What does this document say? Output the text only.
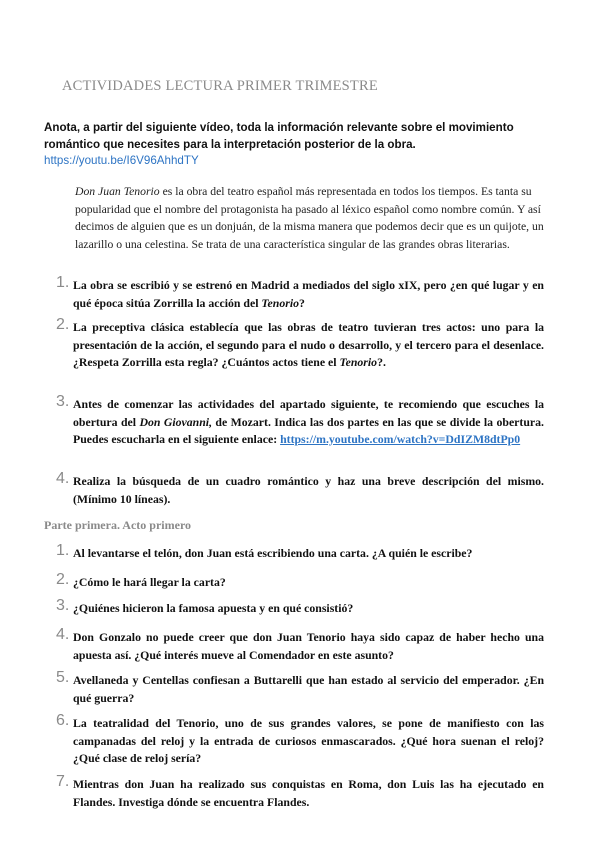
ACTIVIDADES LECTURA PRIMER TRIMESTRE
Anota, a partir del siguiente vídeo, toda la información relevante sobre el movimiento romántico que necesites para la interpretación posterior de la obra. https://youtu.be/I6V96AhhdTY
Don Juan Tenorio es la obra del teatro español más representada en todos los tiempos. Es tanta su popularidad que el nombre del protagonista ha pasado al léxico español como nombre común. Y así decimos de alguien que es un donjuán, de la misma manera que podemos decir que es un quijote, un lazarillo o una celestina. Se trata de una característica singular de las grandes obras literarias.
1. La obra se escribió y se estrenó en Madrid a mediados del siglo xIX, pero ¿en qué lugar y en qué época sitúa Zorrilla la acción del Tenorio?
2. La preceptiva clásica establecía que las obras de teatro tuvieran tres actos: uno para la presentación de la acción, el segundo para el nudo o desarrollo, y el tercero para el desenlace. ¿Respeta Zorrilla esta regla? ¿Cuántos actos tiene el Tenorio?.
3. Antes de comenzar las actividades del apartado siguiente, te recomiendo que escuches la obertura del Don Giovanni, de Mozart. Indica las dos partes en las que se divide la obertura. Puedes escucharla en el siguiente enlace: https://m.youtube.com/watch?v=DdIZM8dtPp0
4. Realiza la búsqueda de un cuadro romántico y haz una breve descripción del mismo. (Mínimo 10 líneas).
Parte primera. Acto primero
1. Al levantarse el telón, don Juan está escribiendo una carta. ¿A quién le escribe?
2. ¿Cómo le hará llegar la carta?
3. ¿Quiénes hicieron la famosa apuesta y en qué consistió?
4. Don Gonzalo no puede creer que don Juan Tenorio haya sido capaz de haber hecho una apuesta así. ¿Qué interés mueve al Comendador en este asunto?
5. Avellaneda y Centellas confiesan a Buttarelli que han estado al servicio del emperador. ¿En qué guerra?
6. La teatralidad del Tenorio, uno de sus grandes valores, se pone de manifiesto con las campanadas del reloj y la entrada de curiosos enmascarados. ¿Qué hora suenan el reloj? ¿Qué clase de reloj sería?
7. Mientras don Juan ha realizado sus conquistas en Roma, don Luis las ha ejecutado en Flandes. Investiga dónde se encuentra Flandes.
